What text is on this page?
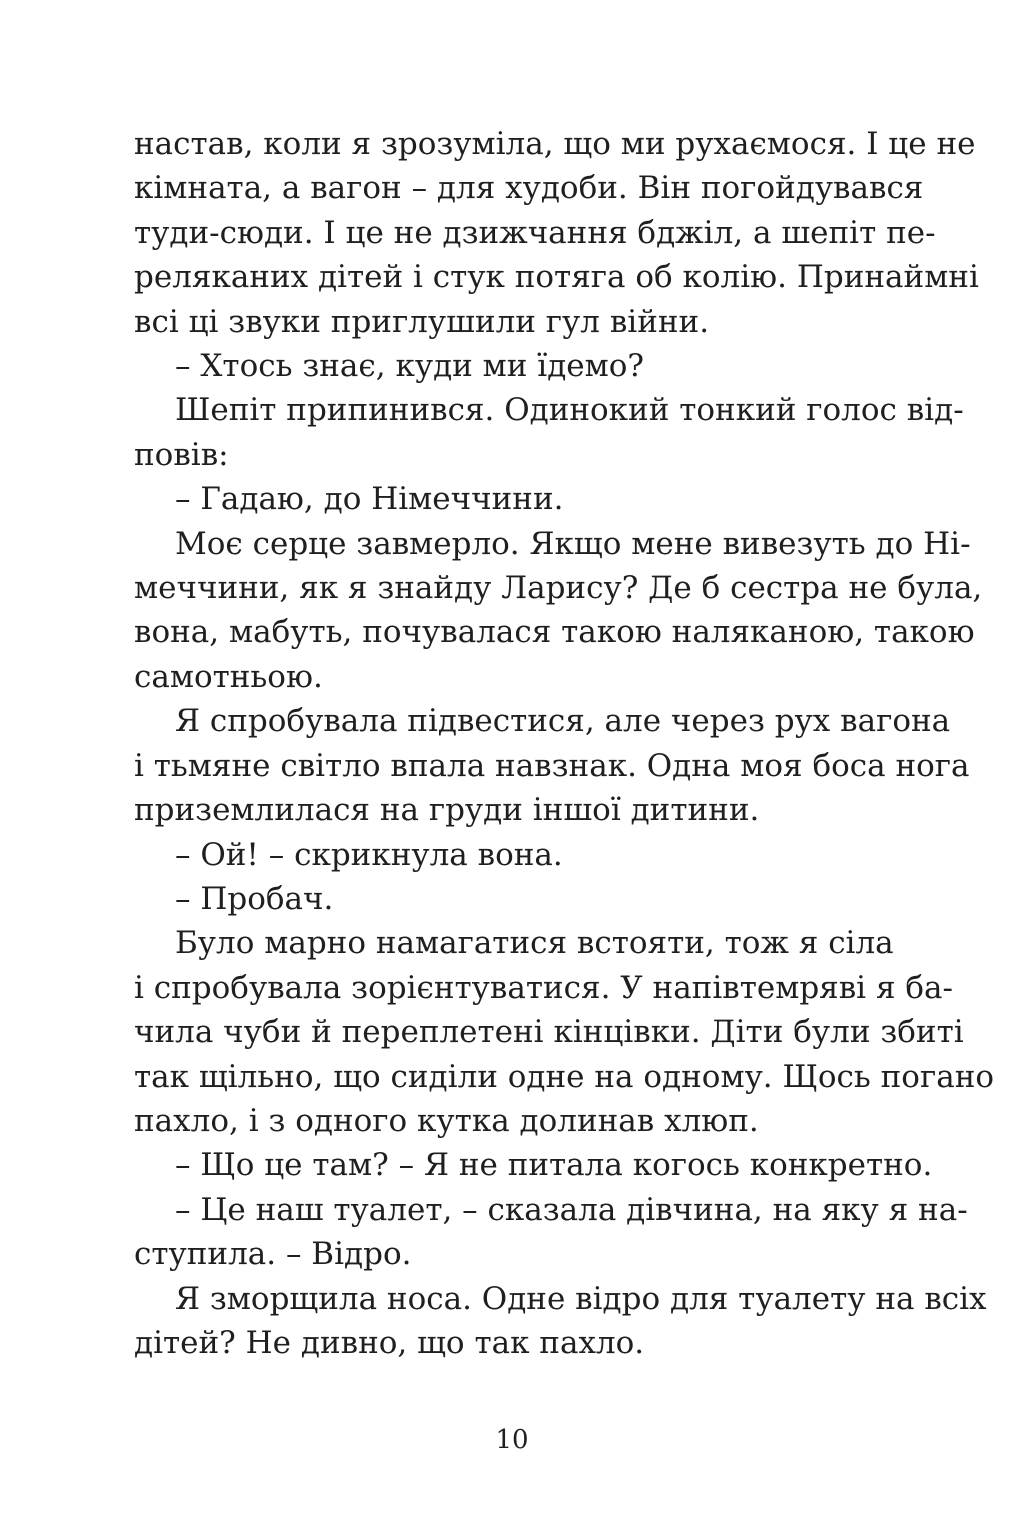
настав, коли я зрозуміла, що ми рухаємося. І це не
кімната, а вагон – для худоби. Він погойдувався
туди-сюди. І це не дзижчання бджіл, а шепіт пе-
реляканих дітей і стук потяга об колію. Принаймні
всі ці звуки приглушили гул війни.
– Хтось знає, куди ми їдемо?
Шепіт припинився. Одинокий тонкий голос від-
повів:
– Гадаю, до Німеччини.
Моє серце завмерло. Якщо мене вивезуть до Ні-
меччини, як я знайду Ларису? Де б сестра не була,
вона, мабуть, почувалася такою наляканою, такою
самотньою.
Я спробувала підвестися, але через рух вагона
і тьмяне світло впала навзнак. Одна моя боса нога
приземлилася на груди іншої дитини.
– Ой! – скрикнула вона.
– Пробач.
Було марно намагатися встояти, тож я сіла
і спробувала зорієнтуватися. У напівтемряві я ба-
чила чуби й переплетені кінцівки. Діти були збиті
так щільно, що сиділи одне на одному. Щось погано
пахло, і з одного кутка долинав хлюп.
– Що це там? – Я не питала когось конкретно.
– Це наш туалет, – сказала дівчина, на яку я на-
ступила. – Відро.
Я зморщила носа. Одне відро для туалету на всіх
дітей? Не дивно, що так пахло.
10
